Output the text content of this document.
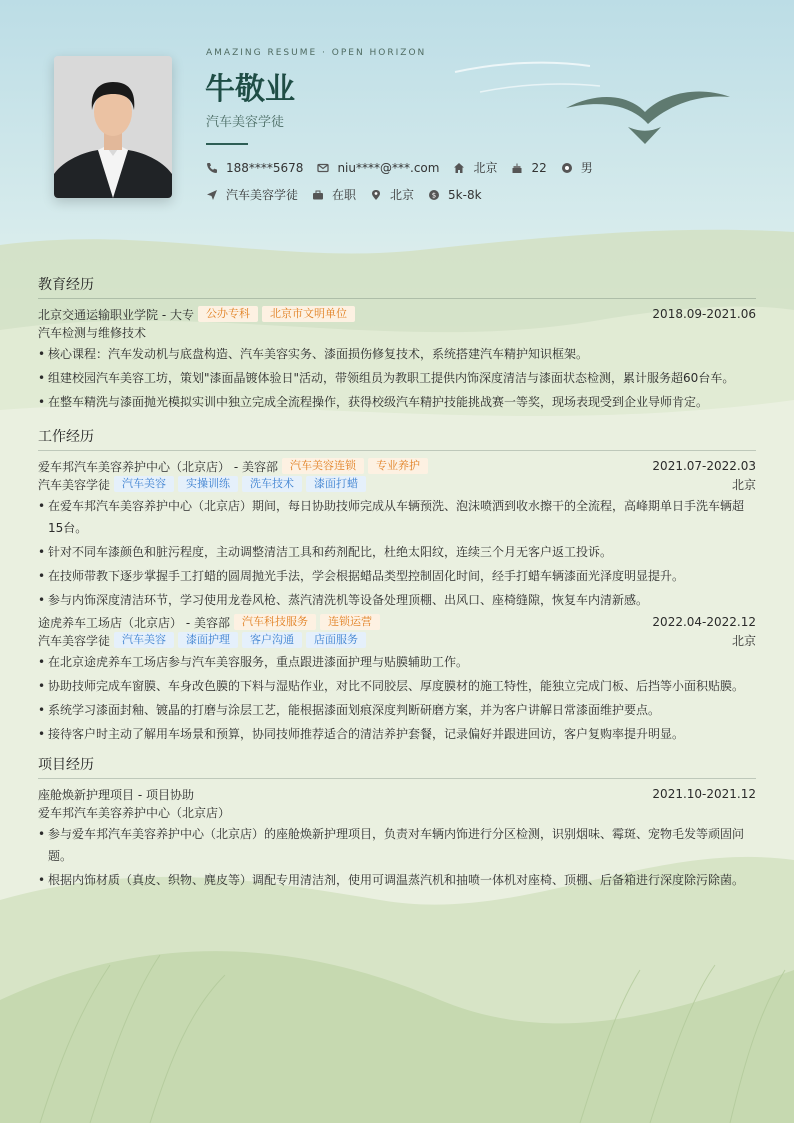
AMAZING RESUME · OPEN HORIZON
牛敬业
汽车美容学徒
188****5678	niu****@***.com	北京	22	男
汽车美容学徒	在职	北京	$ 5k-8k
教育经历
北京交通运输职业学院 - 大专	公办专科	北京市文明单位	2018.09-2021.06
汽车检测与维修技术
• 核心课程：汽车发动机与底盘构造、汽车美容实务、漆面损伤修复技术，系统搭建汽车精护知识框架。
• 组建校园汽车美容工坊，策划"漆面晶镀体验日"活动，带领组员为教职工提供内饰深度清洁与漆面状态检测，累计服务超60台车。
• 在整车精洗与漆面抛光模拟实训中独立完成全流程操作，获得校级汽车精护技能挑战赛一等奖，现场表现受到企业导师肯定。
工作经历
爱车邦汽车美容养护中心（北京店） - 美容部	汽车美容连锁	专业养护	2021.07-2022.03
汽车美容学徒	汽车美容	实操训练	洗车技术	漆面打蜡	北京
• 在爱车邦汽车美容养护中心（北京店）期间，每日协助技师完成从车辆预洗、泡沫喷洒到收水擦干的全流程，高峰期单日手洗车辆超15台。
• 针对不同车漆颜色和脏污程度，主动调整清洁工具和药剂配比，杜绝太阳纹，连续三个月无客户返工投诉。
• 在技师带教下逐步掌握手工打蜡的圆周抛光手法，学会根据蜡品类型控制固化时间，经手打蜡车辆漆面光泽度明显提升。
• 参与内饰深度清洁环节，学习使用龙卷风枪、蒸汽清洗机等设备处理顶棚、出风口、座椅缝隙，恢复车内清新感。
途虎养车工场店（北京店） - 美容部	汽车科技服务	连锁运营	2022.04-2022.12
汽车美容学徒	汽车美容	漆面护理	客户沟通	店面服务	北京
• 在北京途虎养车工场店参与汽车美容服务，重点跟进漆面护理与贴膜辅助工作。
• 协助技师完成车窗膜、车身改色膜的下料与湿贴作业，对比不同胶层、厚度膜材的施工特性，能独立完成门板、后挡等小面积贴膜。
• 系统学习漆面封釉、镀晶的打磨与涂层工艺，能根据漆面划痕深度判断研磨方案，并为客户讲解日常漆面维护要点。
• 接待客户时主动了解用车场景和预算，协同技师推荐适合的清洁养护套餐，记录偏好并跟进回访，客户复购率提升明显。
项目经历
座舱焕新护理项目 - 项目协助	2021.10-2021.12
爱车邦汽车美容养护中心（北京店）
• 参与爱车邦汽车美容养护中心（北京店）的座舱焕新护理项目，负责对车辆内饰进行分区检测，识别烟味、霉斑、宠物毛发等顽固问题。
• 根据内饰材质（真皮、织物、麂皮等）调配专用清洁剂，使用可调温蒸汽机和抽喷一体机对座椅、顶棚、后备箱进行深度除污除菌。
